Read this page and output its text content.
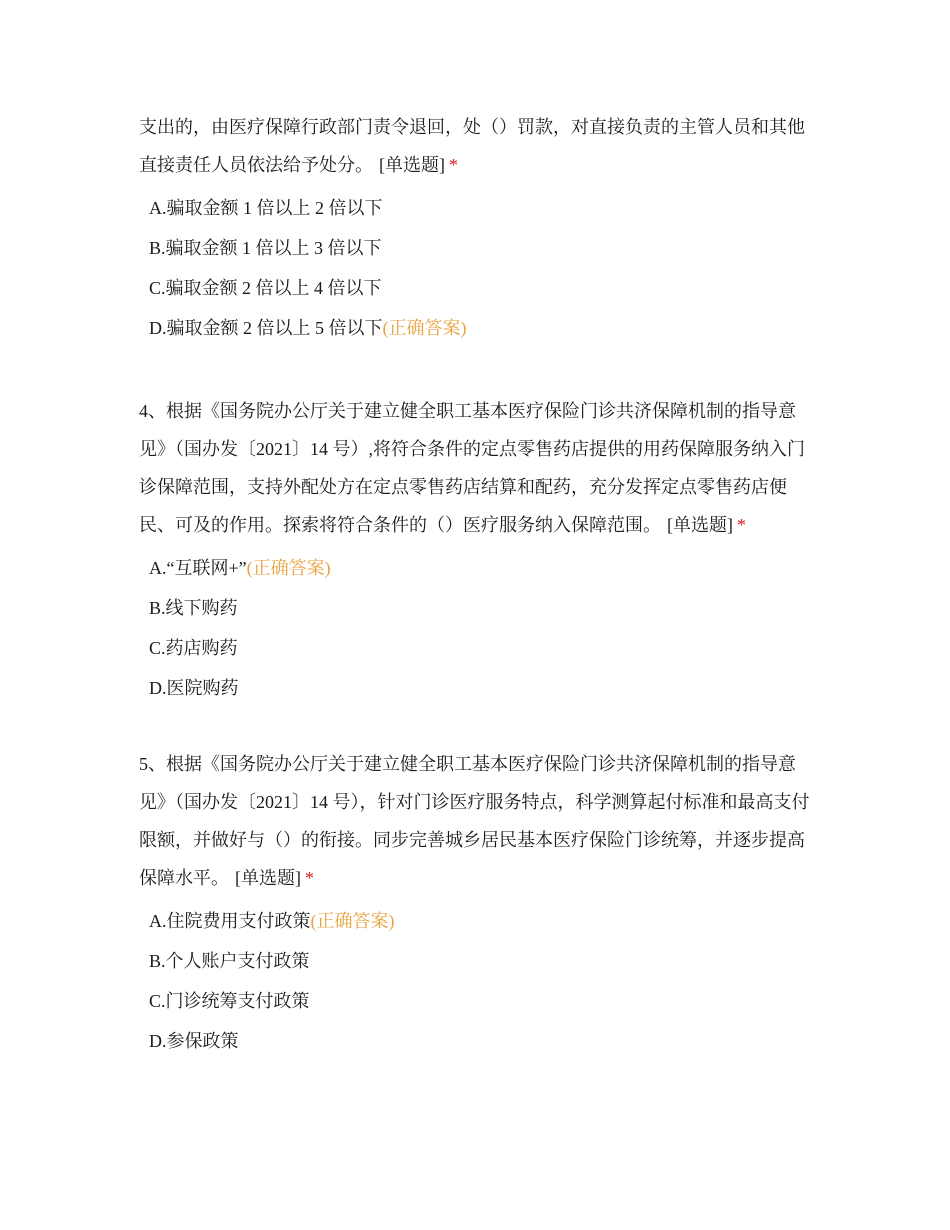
支出的，由医疗保障行政部门责令退回，处（）罚款，对直接负责的主管人员和其他直接责任人员依法给予处分。 [单选题] *

A.骗取金额 1 倍以上 2 倍以下
B.骗取金额 1 倍以上 3 倍以下
C.骗取金额 2 倍以上 4 倍以下
D.骗取金额 2 倍以上 5 倍以下(正确答案)

4、根据《国务院办公厅关于建立健全职工基本医疗保险门诊共济保障机制的指导意见》（国办发〔2021〕14 号）,将符合条件的定点零售药店提供的用药保障服务纳入门诊保障范围，支持外配处方在定点零售药店结算和配药，充分发挥定点零售药店便民、可及的作用。探索将符合条件的（）医疗服务纳入保障范围。 [单选题] *

A.“互联网+”(正确答案)
B.线下购药
C.药店购药
D.医院购药

5、根据《国务院办公厅关于建立健全职工基本医疗保险门诊共济保障机制的指导意见》（国办发〔2021〕14 号），针对门诊医疗服务特点，科学测算起付标准和最高支付限额，并做好与（）的衔接。同步完善城乡居民基本医疗保险门诊统筹，并逐步提高保障水平。 [单选题] *

A.住院费用支付政策(正确答案)
B.个人账户支付政策
C.门诊统筹支付政策
D.参保政策
